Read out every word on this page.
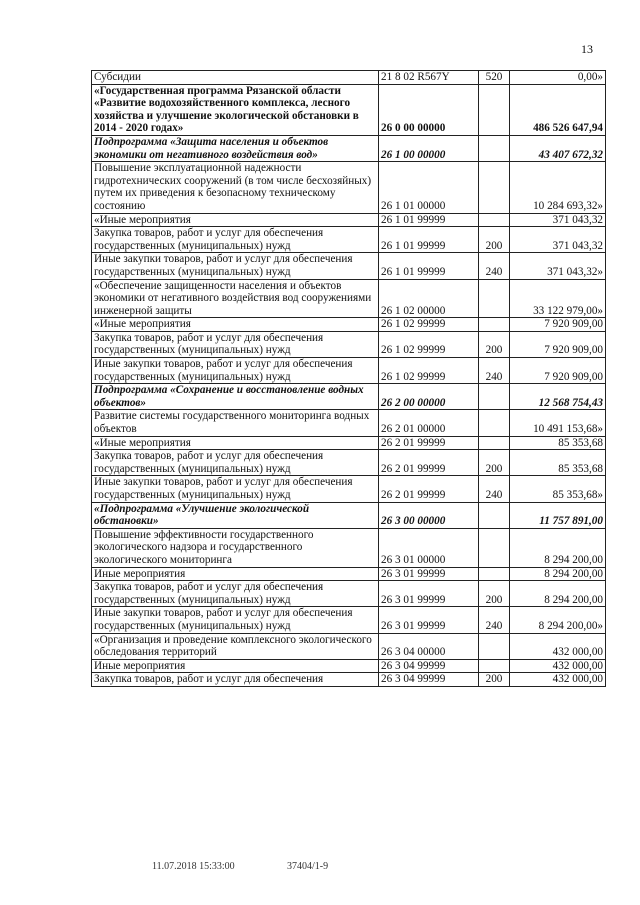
13
Субсидии	21 8 02 R567Y	520	0,00»
«Государственная программа Рязанской области «Развитие водохозяйственного комплекса, лесного хозяйства и улучшение экологической обстановки в 2014 - 2020 годах»	26 0 00 00000		486 526 647,94
Подпрограмма «Защита населения и объектов экономики от негативного воздействия вод»	26 1 00 00000		43 407 672,32
Повышение эксплуатационной надежности гидротехнических сооружений (в том числе бесхозяйных) путем их приведения к безопасному техническому состоянию	26 1 01 00000		10 284 693,32»
«Иные мероприятия	26 1 01 99999		371 043,32
Закупка товаров, работ и услуг для обеспечения государственных (муниципальных) нужд	26 1 01 99999	200	371 043,32
Иные закупки товаров, работ и услуг для обеспечения государственных (муниципальных) нужд	26 1 01 99999	240	371 043,32»
«Обеспечение защищенности населения и объектов экономики от негативного воздействия вод сооружениями инженерной защиты	26 1 02 00000		33 122 979,00»
«Иные мероприятия	26 1 02 99999		7 920 909,00
Закупка товаров, работ и услуг для обеспечения государственных (муниципальных) нужд	26 1 02 99999	200	7 920 909,00
Иные закупки товаров, работ и услуг для обеспечения государственных (муниципальных) нужд	26 1 02 99999	240	7 920 909,00
Подпрограмма «Сохранение и восстановление водных объектов»	26 2 00 00000		12 568 754,43
Развитие системы государственного мониторинга водных объектов	26 2 01 00000		10 491 153,68»
«Иные мероприятия	26 2 01 99999		85 353,68
Закупка товаров, работ и услуг для обеспечения государственных (муниципальных) нужд	26 2 01 99999	200	85 353,68
Иные закупки товаров, работ и услуг для обеспечения государственных (муниципальных) нужд	26 2 01 99999	240	85 353,68»
«Подпрограмма «Улучшение экологической обстановки»	26 3 00 00000		11 757 891,00
Повышение эффективности государственного экологического надзора и государственного экологического мониторинга	26 3 01 00000		8 294 200,00
Иные мероприятия	26 3 01 99999		8 294 200,00
Закупка товаров, работ и услуг для обеспечения государственных (муниципальных) нужд	26 3 01 99999	200	8 294 200,00
Иные закупки товаров, работ и услуг для обеспечения государственных (муниципальных) нужд	26 3 01 99999	240	8 294 200,00»
«Организация и проведение комплексного экологического обследования территорий	26 3 04 00000		432 000,00
Иные мероприятия	26 3 04 99999		432 000,00
Закупка товаров, работ и услуг для обеспечения	26 3 04 99999	200	432 000,00
11.07.2018 15:33:00	37404/1-9
